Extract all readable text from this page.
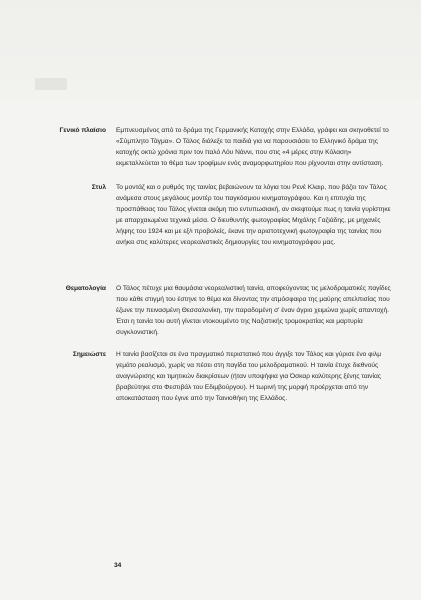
Γενικό πλαίσιο Εμπνευσμένος από το δράμα της Γερμανικής Κατοχής στην Ελλάδα, γράφει και σκηνοθετεί το «Σύμπλητο Τάγμα». Ο Τάλος διάλεξε τα παιδιά για να παρουσιάσει το Ελληνικό δράμα της κατοχής οκτώ χρόνια πριν τον Ιταλό Λόυ Νάννι, που στις «4 μέρες στην Κόλαση» εκμεταλλεύεται το θέμα των τροφίμων ενός αναμορφωτηρίου που ρίχνονται στην αντίσταση.
Στυλ Το μοντάζ και ο ρυθμός της ταινίας βεβαιώνουν τα λόγια του Ρενέ Κλαιρ, που βάζει τον Τάλος ανάμεσα στους μεγάλους μοντέρ του παγκόσμιου κινηματογράφου. Και η επιτυχία της προσπάθειας του Τάλος γίνεται ακόμη πιο εντυπωσιακή, αν σκεφτούμε πως η ταινία γυρίστηκε με απαρχαιωμένα τεχνικά μέσα. Ο διευθυντής φωτογραφίας Μιχάλης Γαζιάδης, με μηχανές λήψης του 1924 και με εξ/ι προβολείς, έκανε την αριστοτεχνική φωτογραφία της ταινίας που ανήκει στις καλύτερες νεορεαλιστικές δημιουργίες του κινηματογράφου μας.
Θεματολογία Ο Τάλος πέτυχε μια θαυμάσια νεορεαλιστική ταινία, αποφεύγοντας τις μελοδραματικές παγίδες που κάθε στιγμή του έστηνε το θέμα και δίνοντας την ατμόσφαιρα της μαύρης απελπισίας που έζωνε την πεινασμένη Θεσσαλονίκη, την παραδομένη σ' έναν άγριο χειμώνα χωρίς απαντοχή. Έτσι η ταινία του αυτή γίνεται ντοκουμέντο της Ναζιστικής τρομοκρατίας και μαρτυρία συγκλονιστική.
Σημειώστε Η ταινία βασίζεται σε ένα πραγματικό περιστατικό που άγγιξε τον Τάλος και γύρισε ένο φιλμ γεμάτο ρεαλισμό, χωρίς να πέσει στη παγίδα του μελοδραματικού. Η ταινία έτυχε διεθνούς αναγνώρισης και τιμητικών διακρίσεων (ήταν υποψήφια για Όσκαρ καλύτερης ξένης ταινίας βραβεύτηκε στο Φεστιβάλ του Εδιμβούργου). Η τωρινή της μορφή προέρχεται από την αποκατάσταση που έγινε από την Ταινιοθήκη της Ελλάδος.
34
